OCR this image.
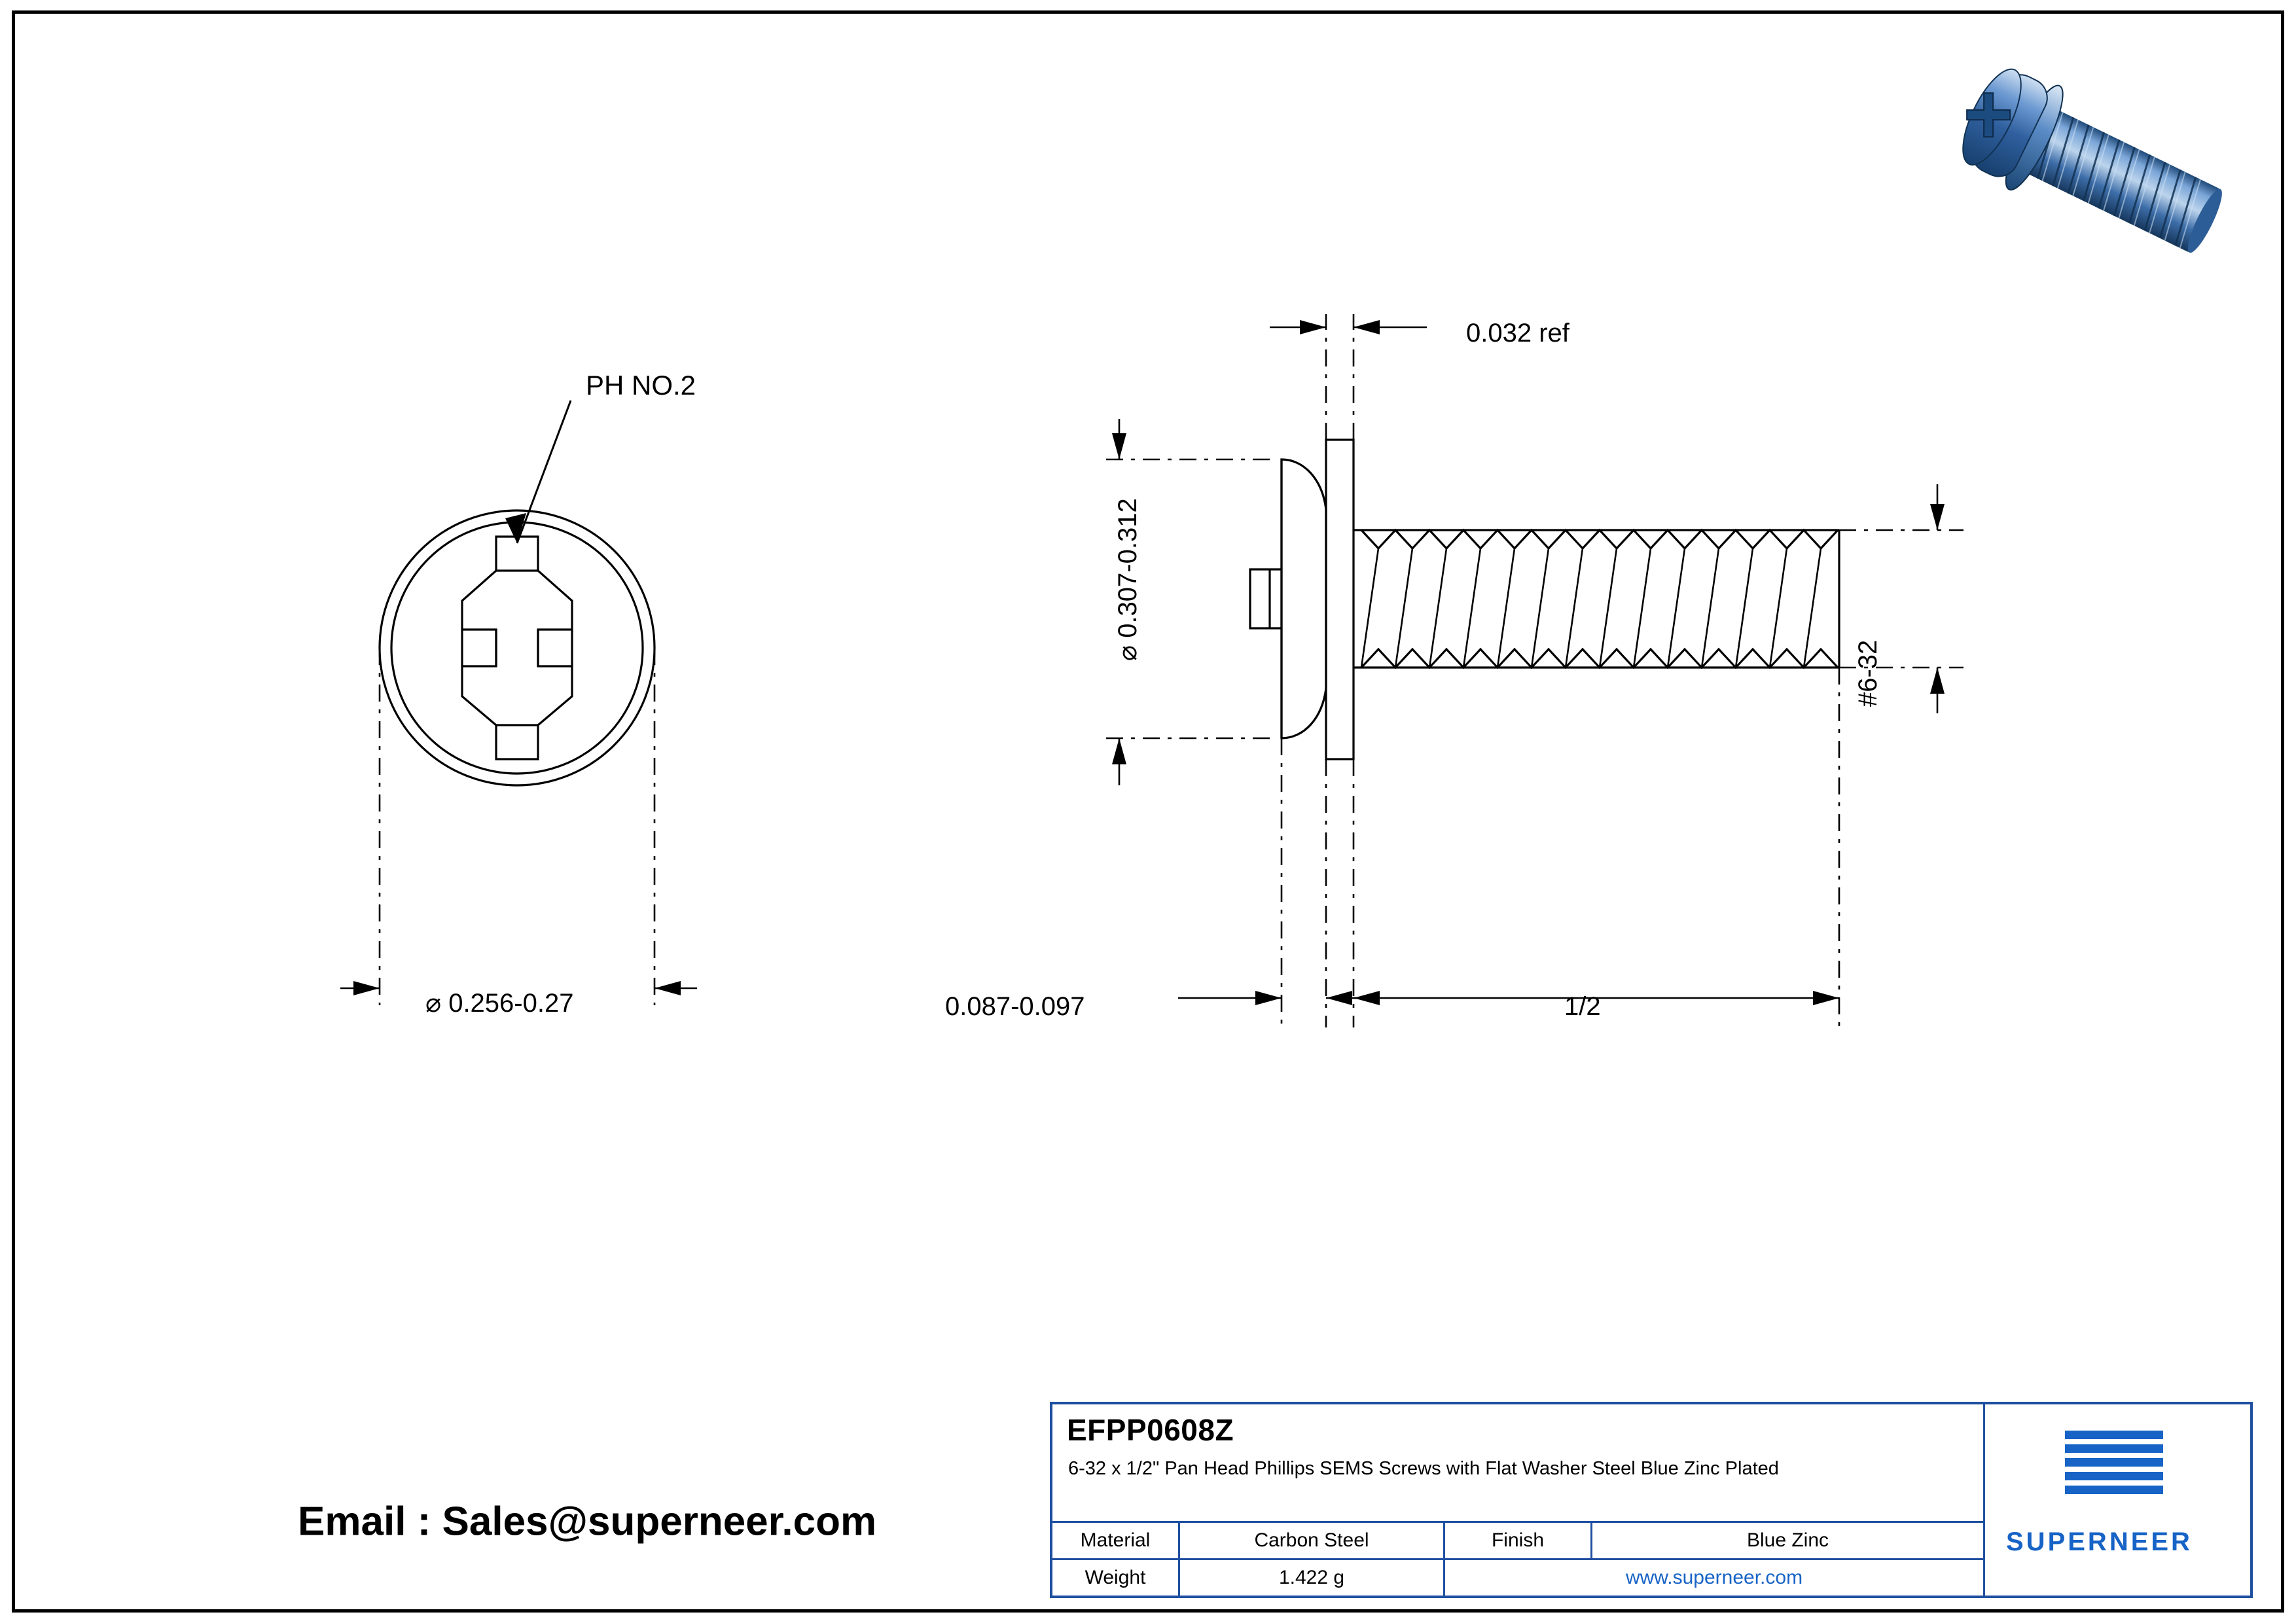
PH NO.2
⌀ 0.256-0.27
0.032 ref
⌀ 0.307-0.312
#6-32
0.087-0.097	1/2
Email : Sales@superneer.com
EFPP0608Z
6-32 x 1/2" Pan Head Phillips SEMS Screws with Flat Washer Steel Blue Zinc Plated
Material	Carbon Steel	Finish	Blue Zinc
Weight	1.422 g	www.superneer.com	
SUPERNEER
